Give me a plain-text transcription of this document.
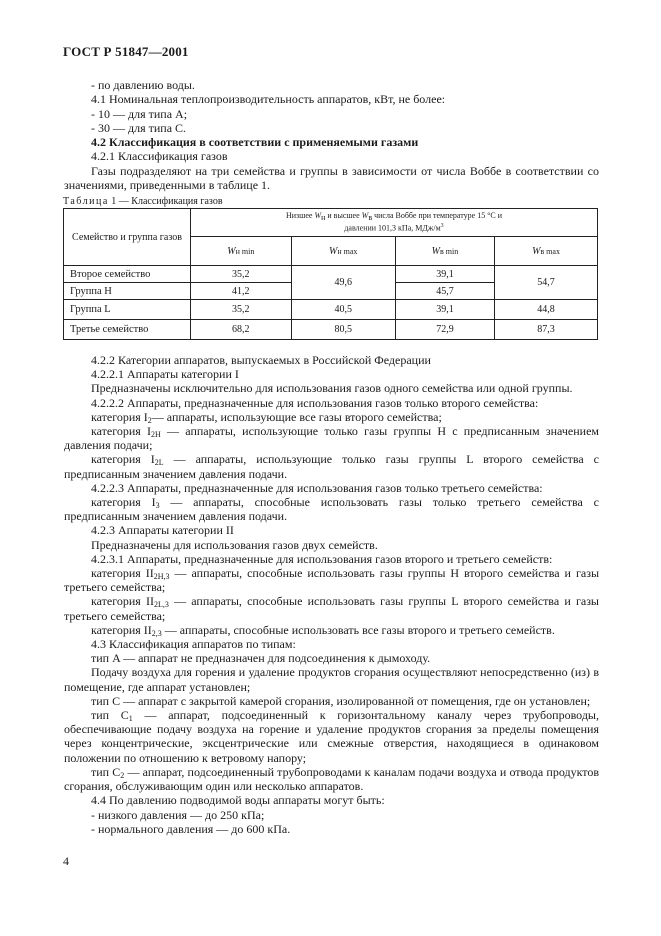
ГОСТ Р 51847—2001

- по давлению воды.

4.1 Номинальная теплопроизводительность аппаратов, кВт, не более:

- 10 — для типа A;

- 30 — для типа C.

4.2 Классификация в соответствии с применяемыми газами

4.2.1 Классификация газов

Газы подразделяют на три семейства и группы в зависимости от числа Воббе в соответствии со значениями, приведенными в таблице 1.

Таблица 1 — Классификация газов
Семейство и группа газов	Низшее $W_н$ и высшее $W_в$ числа Воббе при температуре 15 °С и
давлении 101,3 кПа, МДж/$м^3$
	Wн min	Wн max	Wв min	Wв max
Второе семейство	35,2	49,6	39,1	54,7
Группа H	41,2		45,7	
Группа L	35,2	40,5	39,1	44,8
Третье семейство	68,2	80,5	72,9	87,3

4.2.2 Категории аппаратов, выпускаемых в Российской Федерации

4.2.2.1 Аппараты категории I

Предназначены исключительно для использования газов одного семейства или одной группы.

4.2.2.2 Аппараты, предназначенные для использования газов только второго семейства:

категория $I_2—$ аппараты, использующие все газы второго семейства;

категория $I_{2H}$ — аппараты, использующие только газы группы H с предписанным значением давления подачи;

категория $I_{2L}$ — аппараты, использующие только газы группы L второго семейства с предписанным значением давления подачи.

4.2.2.3 Аппараты, предназначенные для использования газов только третьего семейства:

категория $I_3$ — аппараты, способные использовать газы только третьего семейства с предписанным значением давления подачи.

4.2.3 Аппараты категории II

Предназначены для использования газов двух семейств.

4.2.3.1 Аппараты, предназначенные для использования газов второго и третьего семейств:

категория $II_{2H,3}$ — аппараты, способные использовать газы группы H второго семейства и газы третьего семейства;

категория $II_{2L,3}$ — аппараты, способные использовать газы группы L второго семейства и газы третьего семейства;

категория $II_{2,3}$ — аппараты, способные использовать все газы второго и третьего семейств.

4.3 Классификация аппаратов по типам:

тип A — аппарат не предназначен для подсоединения к дымоходу.

Подачу воздуха для горения и удаление продуктов сгорания осуществляют непосредственно (из) в помещение, где аппарат установлен;

тип C — аппарат с закрытой камерой сгорания, изолированной от помещения, где он установлен;

тип $C_1$ — аппарат, подсоединенный к горизонтальному каналу через трубопроводы, обеспечивающие подачу воздуха на горение и удаление продуктов сгорания за пределы помещения через концентрические, эксцентрические или смежные отверстия, находящиеся в одинаковом положении по отношению к ветровому напору;

тип $C_2$ — аппарат, подсоединенный трубопроводами к каналам подачи воздуха и отвода продуктов сгорания, обслуживающим один или несколько аппаратов.

4.4 По давлению подводимой воды аппараты могут быть:

- низкого давления — до 250 кПа;

- нормального давления — до 600 кПа.

4
